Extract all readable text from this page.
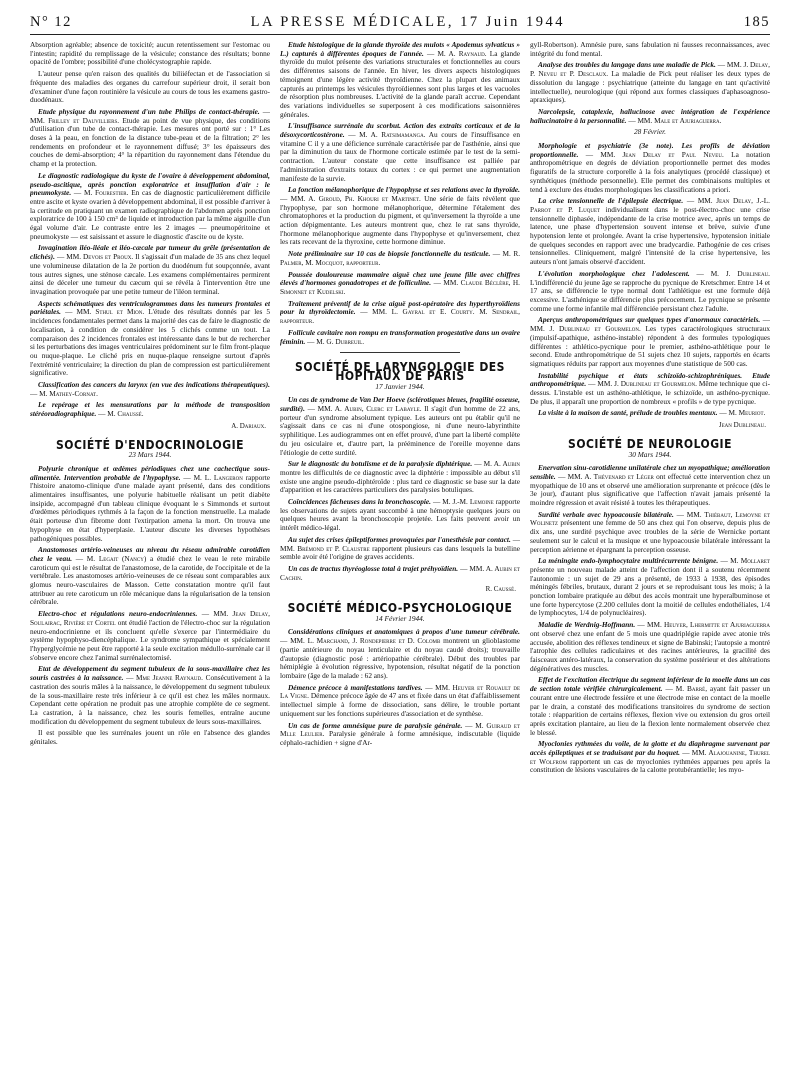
N° 12	LA PRESSE MÉDICALE, 17 Juin 1944	185

Absorption agréable; absence de toxicité; aucun retentissement sur l'estomac ou l'intestin; rapidité du remplissage de la vésicule; constance des résultats; bonne opacité de l'ombre; possibilité d'une cholécystographie rapide.

L'auteur pense qu'en raison des qualités du biliiéfectan et de l'association si fréquente des maladies des organes du carrefour supérieur droit, il serait bon d'examiner d'une façon routinière la vésicule au cours de tous les examens gastro-duodénaux.

Etude physique du rayonnement d'un tube Philips de contact-thérapie. — MM. Frilley et Dauvilliers. Etude au point de vue physique, des conditions d'utilisation d'un tube de contact-thérapie. Les mesures ont porté sur : 1° Les doses à la peau, en fonction de la distance tube-peau et de la filtration; 2° les rendements en profondeur et le rayonnement diffusé; 3° les épaisseurs des couches de demi-absorption; 4° la répartition du rayonnement dans l'étendue du champ et la protection.

Le diagnostic radiologique du kyste de l'ovaire à développement abdominal, pseudo-ascitique, après ponction exploratrice et insufflation d'air : le pneumokyste. — M. Fourestier. En cas de diagnostic particulièrement difficile entre ascite et kyste ovarien à développement abdominal, il est possible d'arriver à la certitude en pratiquant un examen radiographique de l'abdomen après ponction exploratrice de 100 à 150 cm³ de liquide et introduction par la même aiguille d'un égal volume d'air. Le contraste entre les 2 images — pneumopéritoine et pneumokyste — est saisissant et assure le diagnostic d'ascite ou de kyste.

Invagination iléo-iléale et iléo-cæcale par tumeur du grêle (présentation de clichés). — MM. Devois et Proux. Il s'agissait d'un malade de 35 ans chez lequel une volumineuse dilatation de la 2e portion du duodénum fut soupçonnée, avant tous autres signes, une sténose cæcale. Les examens complémentaires permirent ainsi de déceler une tumeur du cæcum qui se révéla à l'intervention être une invagination provoquée par une petite tumeur de l'iléon terminal.

Aspects schématiques des ventriculogrammes dans les tumeurs frontales et pariétales. — MM. Sthul et Mion. L'étude des résultats donnés par les 5 incidences fondamentales permet dans la majorité des cas de faire le diagnostic de localisation, à condition de considérer les 5 clichés comme un tout. La comparaison des 2 incidences frontales est intéressante dans le but de rechercher si les perturbations des images ventriculaires prédominent sur le film front-plaque ou nuque-plaque. Le cliché pris en nuque-plaque renseigne surtout d'après l'extrémité ventriculaire; la direction du plan de compression est particulièrement significative.

Classification des cancers du larynx (en vue des indications thérapeutiques). — M. Mathey-Cornat.

Le repérage et les mensurations par la méthode de transposition stéréoradiographique. — M. Chaussé.

A. Dariaux.
SOCIÉTÉ D'ENDOCRINOLOGIE
23 Mars 1944.

Polyurie chronique et œdèmes périodiques chez une cachectique sous-alimentée. Intervention probable de l'hypophyse. — M. L. Langeron rapporte l'histoire anatomo-clinique d'une malade ayant présenté, dans des conditions alimentaires insuffisantes, une polyurie habituelle réalisant un petit diabète insipide, accompagné d'un tableau clinique évoquant le s Simmonds et surtout d'œdèmes périodiques rythmés à la façon de la fonction menstruelle. La malade était porteuse d'un fibrome dont l'extirpation amena la mort. On trouva une hypophyse en état d'hyperplasie. L'auteur discute les diverses hypothèses pathogéniques possibles.

Anastomoses artério-veineuses au niveau du réseau admirable carotidien chez le veau. — M. Legait (Nancy) a étudié chez le veau le rete mirabile caroticum qui est le résultat de l'anastomose, de la carotide, de l'occipitale et de la vertébrale. Les anastomoses artério-veineuses de ce réseau sont comparables aux glomus neuro-vasculaires de Masson. Cette constatation montre qu'il faut attribuer au rete caroticum un rôle mécanique dans la régularisation de la tension cérébrale.

Electro-choc et régulations neuro-endocriniennes. — MM. Jean Delay, Soulairac, Rivière et Cortel ont étudié l'action de l'électro-choc sur la régulation neuro-endocrinienne et ils concluent qu'elle s'exerce par l'intermédiaire du système hypophyso-diencéphalique. Le syndrome sympathique et spécialement l'hyperglycémie ne peut être rapporté à la seule excitation médullo-surrénale car il s'observe encore chez l'animal surrénalectomisé.

Etat de développement du segment tubuleux de la sous-maxillaire chez les souris castrées à la naissance. — Mme Jeanne Raynaud. Consécutivement à la castration des souris mâles à la naissance, le développement du segment tubuleux de la sous-maxillaire reste très inférieur à ce qu'il est chez les mâles normaux. Cependant cette opération ne produit pas une atrophie complète de ce segment. La castration, à la naissance, chez les souris femelles, entraîne aucune modification du développement du segment tubuleux de leurs sous-maxillaires.

Il est possible que les surrénales jouent un rôle en l'absence des glandes génitales.

Etude histologique de la glande thyroïde des mulots « Apodemus sylvaticus » L.) capturés à différentes époques de l'année. — M. A. Raynaud. La glande thyroïde du mulot présente des variations structurales et fonctionnelles au cours des différentes saisons de l'année. En hiver, les divers aspects histologiques témoignent d'une légère activité thyroïdienne. Chez la plupart des animaux capturés au printemps les vésicules thyroïdiennes sont plus larges et les vacuoles de résorption plus nombreuses. L'activité de la glande paraît accrue. Cependant des variations individuelles se superposent à ces modifications saisonnières générales.

L'insuffisance surrénale du scorbut. Action des extraits corticaux et de la désoxycorticostérone. — M. A. Ratsimamanga. Au cours de l'insuffisance en vitamine C il y a une déficience surrénale caractérisée par de l'asthénie, ainsi que par la diminution du taux de l'hormone corticale estimée par le test de la semi-contraction. L'auteur constate que cette insuffisance est palliée par l'administration d'extraits totaux du cortex : ce qui permet une augmentation manifeste de la survie.

La fonction mélanophorique de l'hypophyse et ses relations avec la thyroïde. — MM. A. Giroud, Ph. Khouri et Martinet. Une série de faits révèlent que l'hypophyse, par son hormone mélanophorique, détermine l'étalement des chromatophores et la production du pigment, et qu'inversement la thyroïde a une action dépigmentante. Les auteurs montrent que, chez le rat sans thyroïde, l'hormone mélanophorique augmente dans l'hypophyse et qu'inversement, chez les rats recevant de la thyroxine, cette hormone diminue.

Note préliminaire sur 10 cas de biopsie fonctionnelle du testicule. — M. R. Palmer, M. Mocquot, rapporteur.

Poussée douloureuse mammaire aiguë chez une jeune fille avec chiffres élevés d'hormones gonadotropes et de folliculine. — MM. Claude Béclère, H. Simonnet et Kudelski.

Traitement préventif de la crise aiguë post-opératoire des hyperthyroïdiens pour la thyroïdectomie. — MM. L. Gayral et E. Courty. M. Sendrail, rapporteur.

Follicule cavitaire non rompu en transformation progestative dans un ovaire féminin. — M. G. Dubreuil.

SOCIÉTÉ DE LARYNGOLOGIE DES HOPITAUX DE PARIS
17 Janvier 1944.

Un cas de syndrome de Van Der Hoeve (sclérotiques bleues, fragilité osseuse, surdité). — MM. A. Aubin, Clerc et Labayle. Il s'agit d'un homme de 22 ans, porteur d'un syndrome absolument typique. Les auteurs ont pu établir qu'il ne s'agissait dans ce cas ni d'une otospongiose, ni d'une neuro-labyrinthite syphilitique. Les audiogrammes ont en effet prouvé, d'une part la liberté complète du jeu osiculaire et, d'autre part, la prééminence de l'oreille moyenne dans l'étiologie de cette surdité.

Sur le diagnostic du botulisme et de la paralysie diphtérique. — M. A. Aubin montre les difficultés de ce diagnostic avec la diphtérie : impossible au début s'il existe une angine pseudo-diphtéroïde : plus tard ce diagnostic se base sur la date d'apparition et les caractères particuliers des paralysies botuliques.

Coïncidences fâcheuses dans la bronchoscopie. — M. J.-M. Lemoine rapporte les observations de sujets ayant succombé à une hémoptysie quelques jours ou quelques heures avant la bronchoscopie projetée. Les faits peuvent avoir un intérêt médico-légal.

Au sujet des crises épileptiformes provoquées par l'anesthésie par contact. — MM. Brémond et P. Claustre rapportent plusieurs cas dans lesquels la butelline semble avoir été l'origine de graves accidents.

Un cas de tractus thyréoglosse total à trajet préhyoïdien. — MM. A. Aubin et Cachin.

R. Caussé.
SOCIÉTÉ MÉDICO-PSYCHOLOGIQUE
14 Février 1944.

Considérations cliniques et anatomiques à propos d'une tumeur cérébrale. — MM. L. Marchand, J. Rondepierre et D. Colomb montrent un glioblastome (partie antérieure du noyau lenticulaire et du noyau caudé droits); trouvaille d'autopsie (diagnostic posé : artériopathie cérébrale). Début des troubles par hémiplégie à évolution régressive, hypotension, résultat négatif de la ponction lombaire (âge de la malade : 62 ans).

Démence précoce à manifestations tardives. — MM. Heuyer et Rouault de La Vigne. Démence précoce âgée de 47 ans et fixée dans un état d'affaiblissement intellectuel simple à forme de dissociation, sans délire, le trouble portant uniquement sur les fonctions supérieures d'association et de synthèse.

Un cas de forme amnésique pure de paralysie générale. — M. Guiraud et Mlle Leulier. Paralysie générale à forme amnésique, indiscutable (liquide céphalo-rachidien + signe d'Ar-

gyll-Robertson). Amnésie pure, sans fabulation ni fausses reconnaissances, avec intégrité du fond mental.

Analyse des troubles du langage dans une maladie de Pick. — MM. J. Delay, P. Neveu et P. Desclaux. La maladie de Pick peut réaliser les deux types de dissolution du langage : psychiatrique (atteinte du langage en tant qu'activité intellectuelle), neurologique (qui répond aux formes classiques d'aphasoagnoso-apraxiques).

Narcolepsie, cataplexie, hallucinose avec intégration de l'expérience hallucinatoire à la personnalité. — MM. Male et Ajuriaguerra.

28 Février.

Morphologie et psychiatrie (3e note). Les profils de déviation proportionnelle. — MM. Jean Delay et Paul Neveu. La notation anthropométrique en degrés de déviation proportionnelle permet des modes figuratifs de la structure corporelle à la fois analytiques (procédé classique) et synthétiques (méthode personnelle). Elle permet des combinaisons multiples et tend à exclure des études morphologiques les classifications a priori.

La crise tensionnelle de l'épilepsie électrique. — MM. Jean Delay, J.-L. Parrot et P. Luquet individualisent dans le post-électro-choc une crise tensionnelle diphasée, indépendante de la crise motrice avec, après un temps de latence, une phase d'hypertension souvent intense et brève, suivie d'une hypotension lente et prolongée. Avant la crise hypertensive, hypotension initiale de quelques secondes en rapport avec une bradycardie. Pathogénie de ces crises tensionnelles. Cliniquement, malgré l'intensité de la crise hypertensive, les auteurs n'ont jamais observé d'accident.

L'évolution morphologique chez l'adolescent. — M. J. Dublineau. L'indifférencié du jeune âge se rapproche du pycnique de Kretschmer. Entre 14 et 17 ans, se différencie le type normal dont l'athlétique est une formule déjà excessive. L'asthénique se différencie plus précocement. Le pycnique se présente comme une forme infantile mal différenciée persistant chez l'adulte.

Aperçus anthropométriques sur quelques types d'anormaux caractériels. — MM. J. Dublineau et Gourmelon. Les types caractérologiques structuraux (impulsif-apathique, asthéno-instable) répondent à des formules typologiques différentes : athlético-pycnique pour le premier, asthéno-athlétique pour le second. Etude anthropométrique de 51 sujets chez 10 sujets, rapportés en écarts sigmatiques réduits par rapport aux moyennes d'une statistique de 500 cas.

Instabilité psychique et états schizoïdo-schizophréniques. Etude anthropométrique. — MM. J. Dublineau et Gourmelon. Même technique que ci-dessus. L'instable est un asthéno-athlétique, le schizoïde, un asthéno-pycnique. De plus, il apparaît une proportion de nombreux « profils » de type pycnique.

La visite à la maison de santé, prélude de troubles mentaux. — M. Meuriot.

Jean Dublineau.
SOCIÉTÉ DE NEUROLOGIE
30 Mars 1944.

Enervation sinu-carotidienne unilatérale chez un myopathique; amélioration sensible. — MM. A. Thévenard et Léger ont effectué cette intervention chez un myopathique de 10 ans et observé une amélioration surprenante et précoce (dès le 3e jour), d'autant plus significative que l'affection n'avait jamais présenté la moindre régression et avait résisté à toutes les thérapeutiques.

Surdité verbale avec hypoacousie bilatérale. — MM. Thiébaut, Lemoyne et Wolinetz présentent une femme de 50 ans chez qui l'on observe, depuis plus de dix ans, une surdité psychique avec troubles de la série de Wernicke portant seulement sur le calcul et la musique et une hypoacousie bilatérale intéressant la perception aérienne et épargnant la perception osseuse.

La méningite endo-lymphocytaire multirécurrente bénigne. — M. Mollaret présente un nouveau malade atteint de l'affection dont il a soutenu récemment l'autonomie : un sujet de 29 ans a présenté, de 1933 à 1938, des épisodes méningés fébriles, brutaux, durant 2 jours et se reproduisant tous les mois; à la ponction lombaire pratiquée au début des accès montrait une hyperalbuminose et une forte hypercytose (2.200 cellules dont la moitié de cellules endothéliales, 1/4 de lymphocytes, 1/4 de polynucléaires).

Maladie de Werdnig-Hoffmann. — MM. Heuyer, Lhermitte et Ajuriaguerra ont observé chez une enfant de 5 mois une quadriplégie rapide avec atonie très accusée, abolition des réflexes tendineux et signe de Babinski; l'autopsie a montré l'atrophie des cellules radiculaires et des racines antérieures, la gracilité des faisceaux antéro-latéraux, la conservation du système postérieur et des altérations dégénératives des muscles.

Effet de l'excitation électrique du segment inférieur de la moelle dans un cas de section totale vérifiée chirurgicalement. — M. Barré, ayant fait passer un courant entre une électrode fessière et une électrode mise en contact de la moelle par le drain, a constaté des modifications transitoires du syndrome de section totale : réapparition de certains réflexes, flexion vive ou extension du gros orteil après excitation plantaire, au lieu de la flexion lente normalement observée chez le blessé.

Myoclonies rythmées du voile, de la glotte et du diaphragme survenant par accès épileptiques et se traduisant par du hoquet. — MM. Alajouanine, Thurel et Wolfrom rapportent un cas de myoclonies rythmées apparues peu après la constitution de lésions vasculaires de la calotte protubérantielle; les myo-
